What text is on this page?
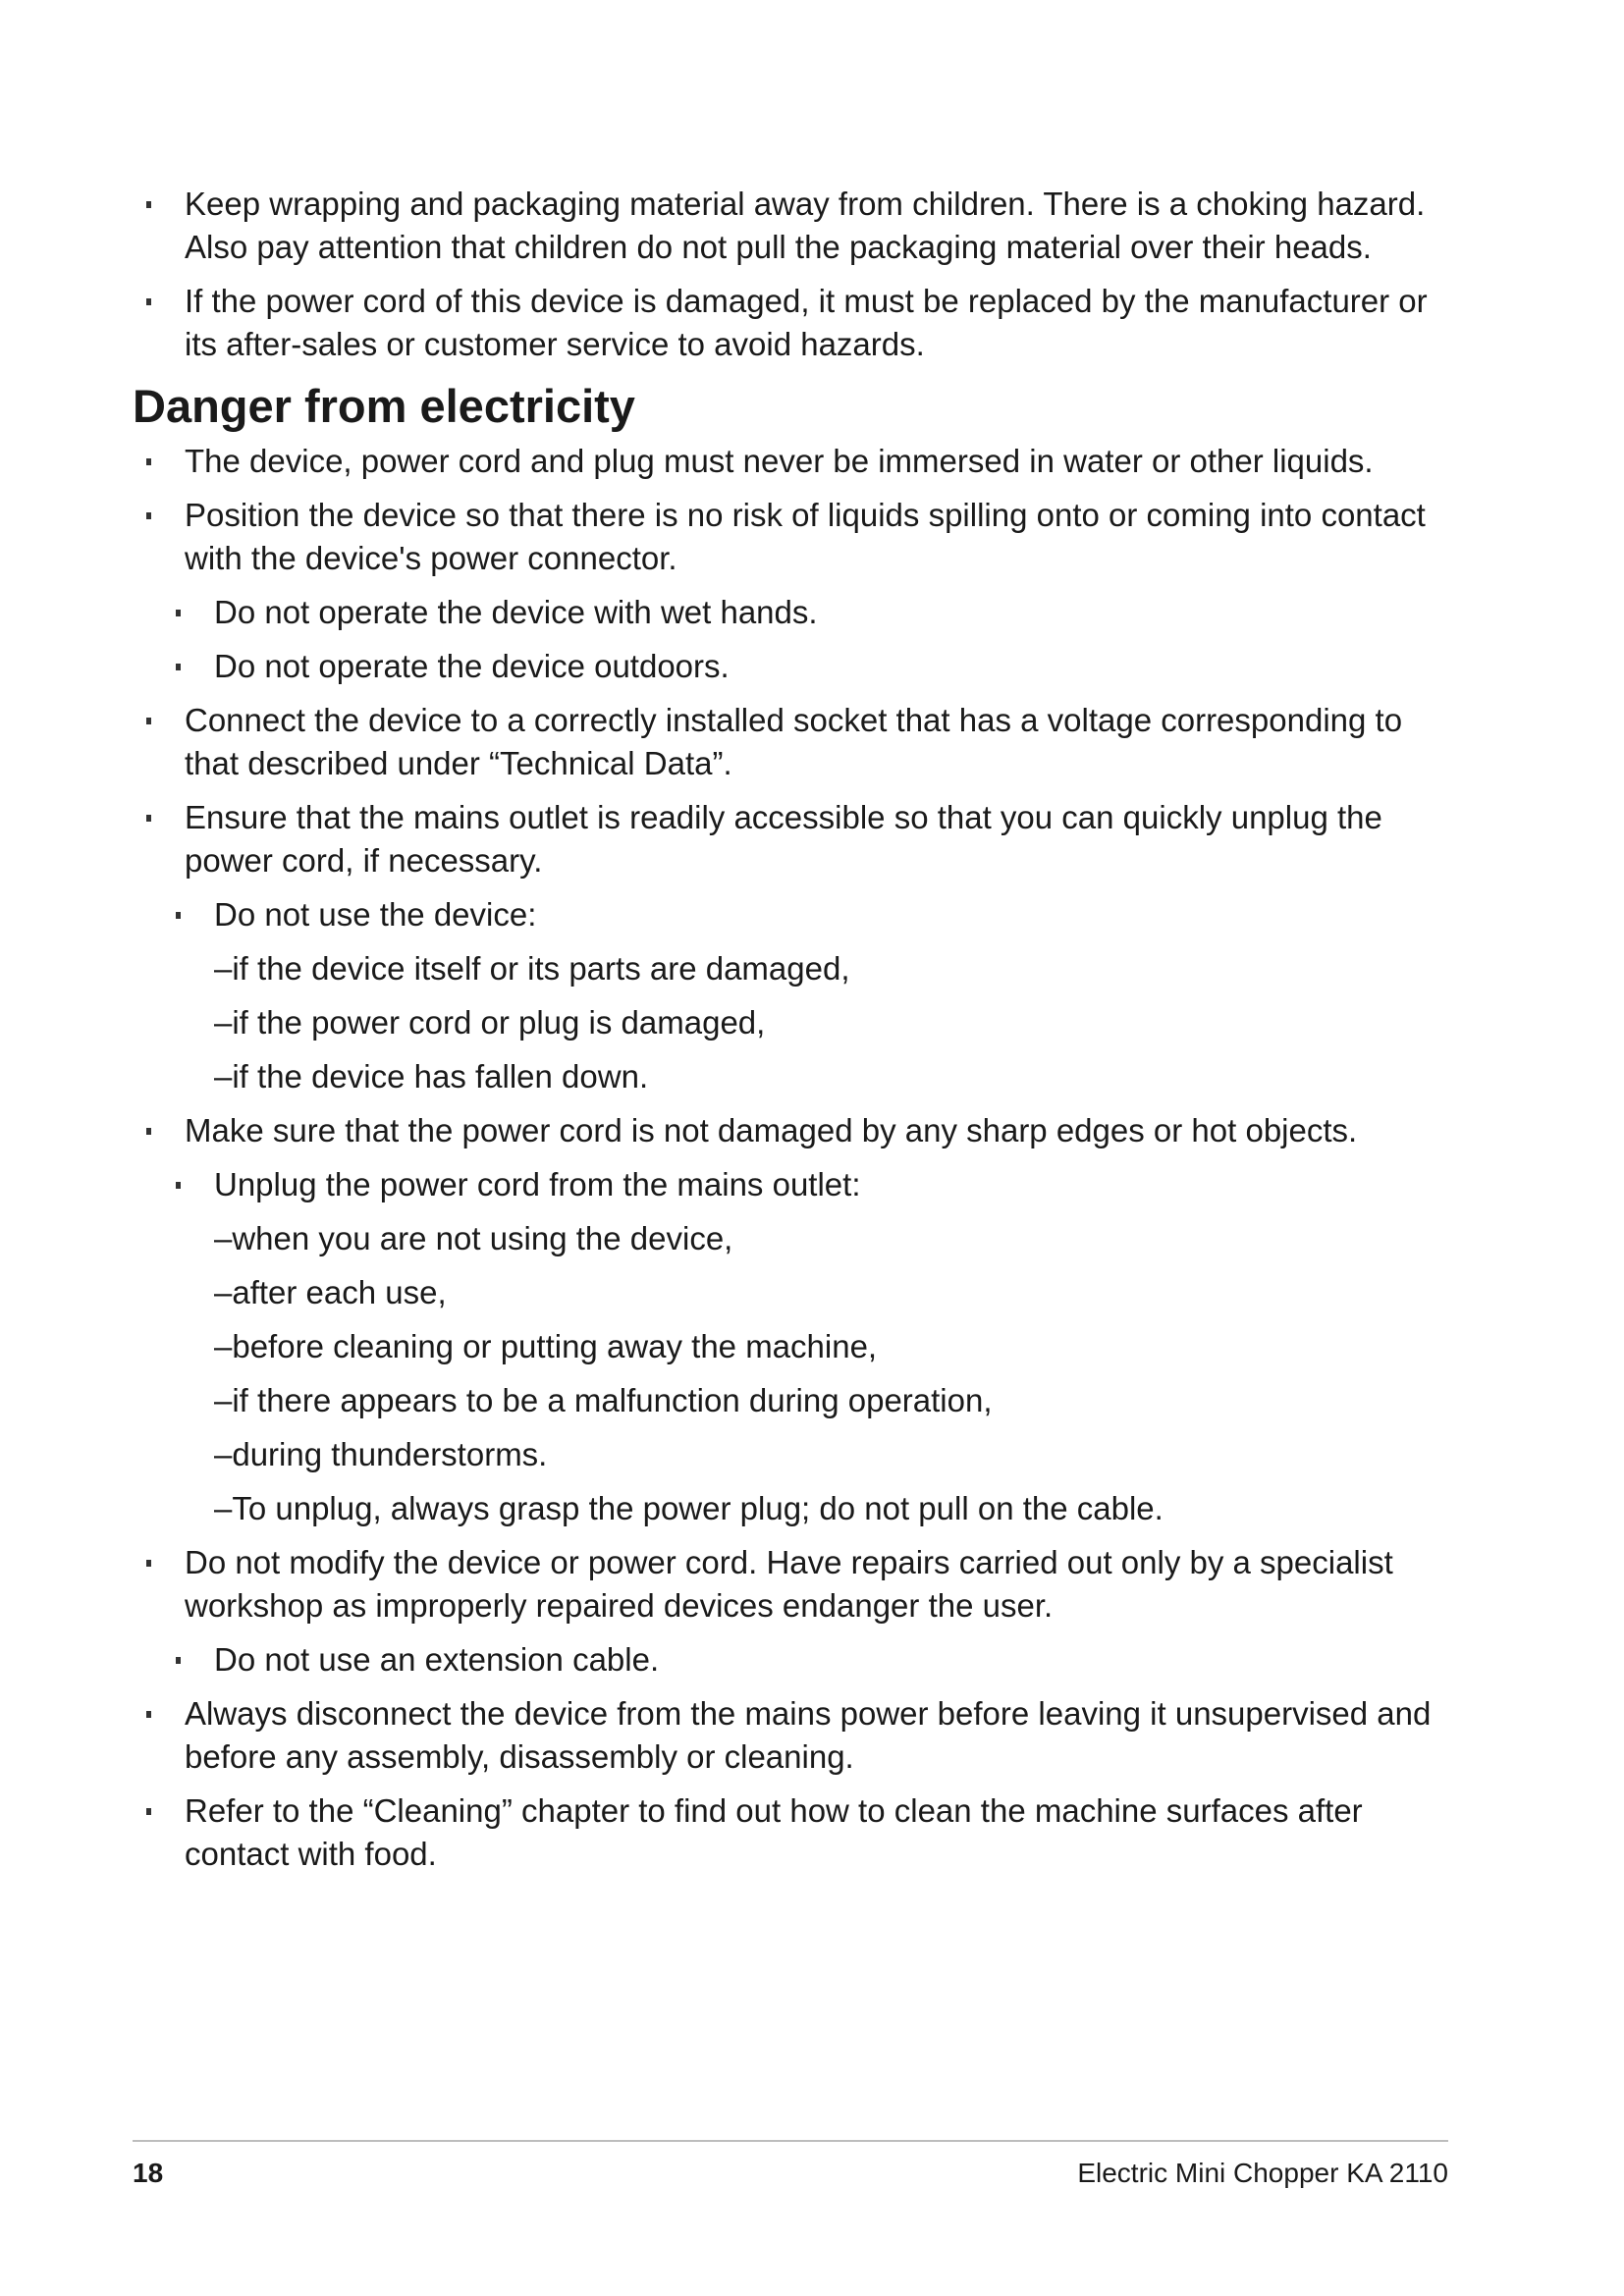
Keep wrapping and packaging material away from children. There is a choking hazard. Also pay attention that children do not pull the packaging material over their heads.
If the power cord of this device is damaged, it must be replaced by the manufacturer or its after-sales or customer service to avoid hazards.
Danger from electricity
The device, power cord and plug must never be immersed in water or other liquids.
Position the device so that there is no risk of liquids spilling onto or coming into contact with the device's power connector.
Do not operate the device with wet hands.
Do not operate the device outdoors.
Connect the device to a correctly installed socket that has a voltage corresponding to that described under “Technical Data”.
Ensure that the mains outlet is readily accessible so that you can quickly unplug the power cord, if necessary.
Do not use the device:
–if the device itself or its parts are damaged,
–if the power cord or plug is damaged,
–if the device has fallen down.
Make sure that the power cord is not damaged by any sharp edges or hot objects.
Unplug the power cord from the mains outlet:
–when you are not using the device,
–after each use,
–before cleaning or putting away the machine,
–if there appears to be a malfunction during operation,
–during thunderstorms.
–To unplug, always grasp the power plug; do not pull on the cable.
Do not modify the device or power cord. Have repairs carried out only by a specialist workshop as improperly repaired devices endanger the user.
Do not use an extension cable.
Always disconnect the device from the mains power before leaving it unsupervised and before any assembly, disassembly or cleaning.
Refer to the “Cleaning” chapter to find out how to clean the machine surfaces after contact with food.
18	Electric Mini Chopper KA 2110
